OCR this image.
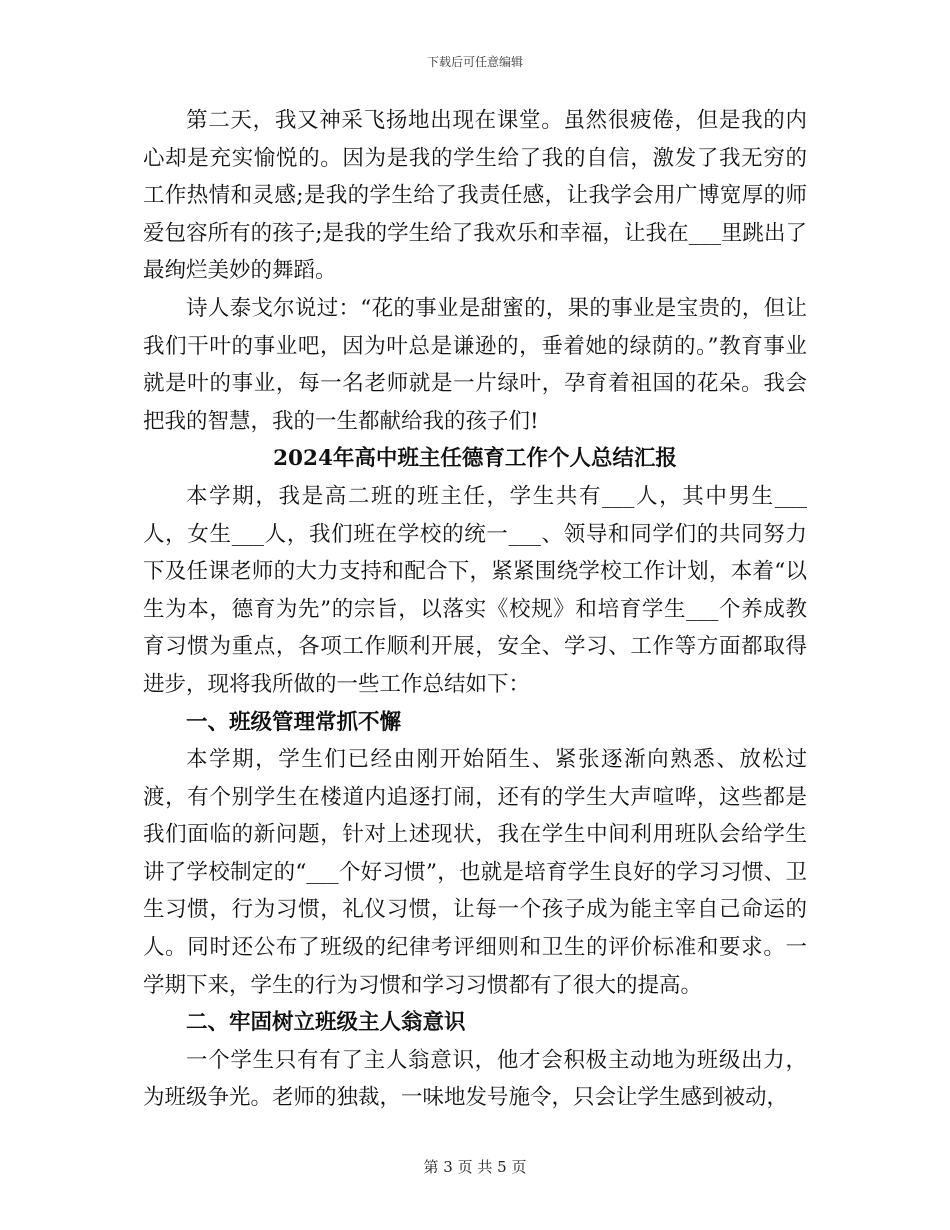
下载后可任意编辑

第二天，我又神采飞扬地出现在课堂。虽然很疲倦，但是我的内心却是充实愉悦的。因为是我的学生给了我的自信，激发了我无穷的工作热情和灵感;是我的学生给了我责任感，让我学会用广博宽厚的师爱包容所有的孩子;是我的学生给了我欢乐和幸福，让我在___里跳出了最绚烂美妙的舞蹈。

诗人泰戈尔说过：“花的事业是甜蜜的，果的事业是宝贵的，但让我们干叶的事业吧，因为叶总是谦逊的，垂着她的绿荫的。”教育事业就是叶的事业，每一名老师就是一片绿叶，孕育着祖国的花朵。我会把我的智慧，我的一生都献给我的孩子们!

2024年高中班主任德育工作个人总结汇报

本学期，我是高二班的班主任，学生共有___人，其中男生___人，女生___人，我们班在学校的统一___、领导和同学们的共同努力下及任课老师的大力支持和配合下，紧紧围绕学校工作计划，本着“以生为本，德育为先”的宗旨，以落实《校规》和培育学生___个养成教育习惯为重点，各项工作顺利开展，安全、学习、工作等方面都取得进步，现将我所做的一些工作总结如下：

一、班级管理常抓不懈

本学期，学生们已经由刚开始陌生、紧张逐渐向熟悉、放松过渡，有个别学生在楼道内追逐打闹，还有的学生大声喧哗，这些都是我们面临的新问题，针对上述现状，我在学生中间利用班队会给学生讲了学校制定的“___个好习惯”，也就是培育学生良好的学习习惯、卫生习惯，行为习惯，礼仪习惯，让每一个孩子成为能主宰自己命运的人。同时还公布了班级的纪律考评细则和卫生的评价标准和要求。一学期下来，学生的行为习惯和学习习惯都有了很大的提高。

二、牢固树立班级主人翁意识

一个学生只有有了主人翁意识，他才会积极主动地为班级出力，为班级争光。老师的独裁，一味地发号施令，只会让学生感到被动，

第 3 页 共 5 页
